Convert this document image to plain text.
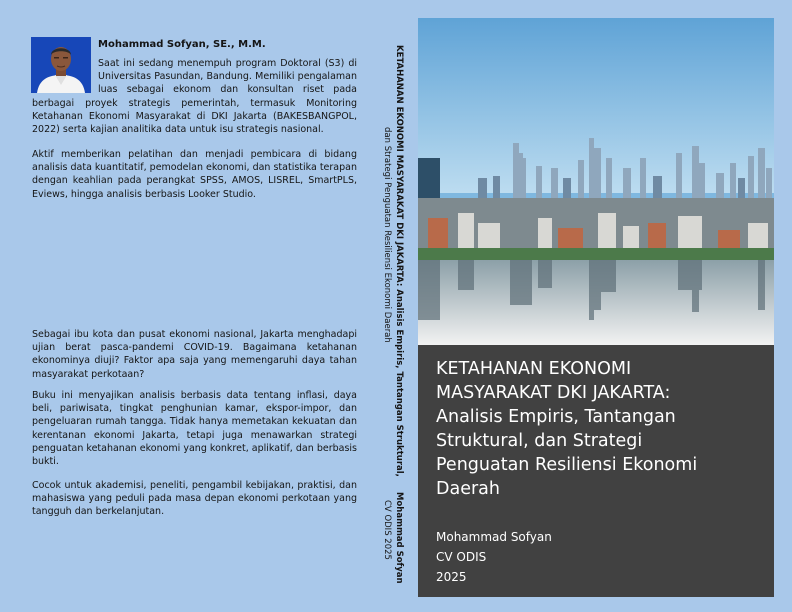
Mohammad Sofyan, SE., M.M.

Saat ini sedang menempuh program Doktoral (S3) di Universitas Pasundan, Bandung. Memiliki pengalaman luas sebagai ekonom dan konsultan riset pada berbagai proyek strategis pemerintah, termasuk Monitoring Ketahanan Ekonomi Masyarakat di DKI Jakarta (BAKESBANGPOL, 2022) serta kajian analitika data untuk isu strategis nasional.

Aktif memberikan pelatihan dan menjadi pembicara di bidang analisis data kuantitatif, pemodelan ekonomi, dan statistika terapan dengan keahlian pada perangkat SPSS, AMOS, LISREL, SmartPLS, Eviews, hingga analisis berbasis Looker Studio.

Sebagai ibu kota dan pusat ekonomi nasional, Jakarta menghadapi ujian berat pasca-pandemi COVID-19. Bagaimana ketahanan ekonominya diuji? Faktor apa saja yang memengaruhi daya tahan masyarakat perkotaan?

Buku ini menyajikan analisis berbasis data tentang inflasi, daya beli, pariwisata, tingkat penghunian kamar, ekspor-impor, dan pengeluaran rumah tangga. Tidak hanya memetakan kekuatan dan kerentanan ekonomi Jakarta, tetapi juga menawarkan strategi penguatan ketahanan ekonomi yang konkret, aplikatif, dan berbasis bukti.

Cocok untuk akademisi, peneliti, pengambil kebijakan, praktisi, dan mahasiswa yang peduli pada masa depan ekonomi perkotaan yang tangguh dan berkelanjutan.

KETAHANAN EKONOMI MASYARAKAT DKI JAKARTA: Analisis Empiris, Tantangan Struktural,
dan Strategi Penguatan Resiliensi Ekonomi Daerah
Mohammad Sofyan
CV ODIS 2025
KETAHANAN EKONOMI
MASYARAKAT DKI JAKARTA:
Analisis Empiris, Tantangan
Struktural, dan Strategi
Penguatan Resiliensi Ekonomi
Daerah
Mohammad Sofyan
CV ODIS
2025
